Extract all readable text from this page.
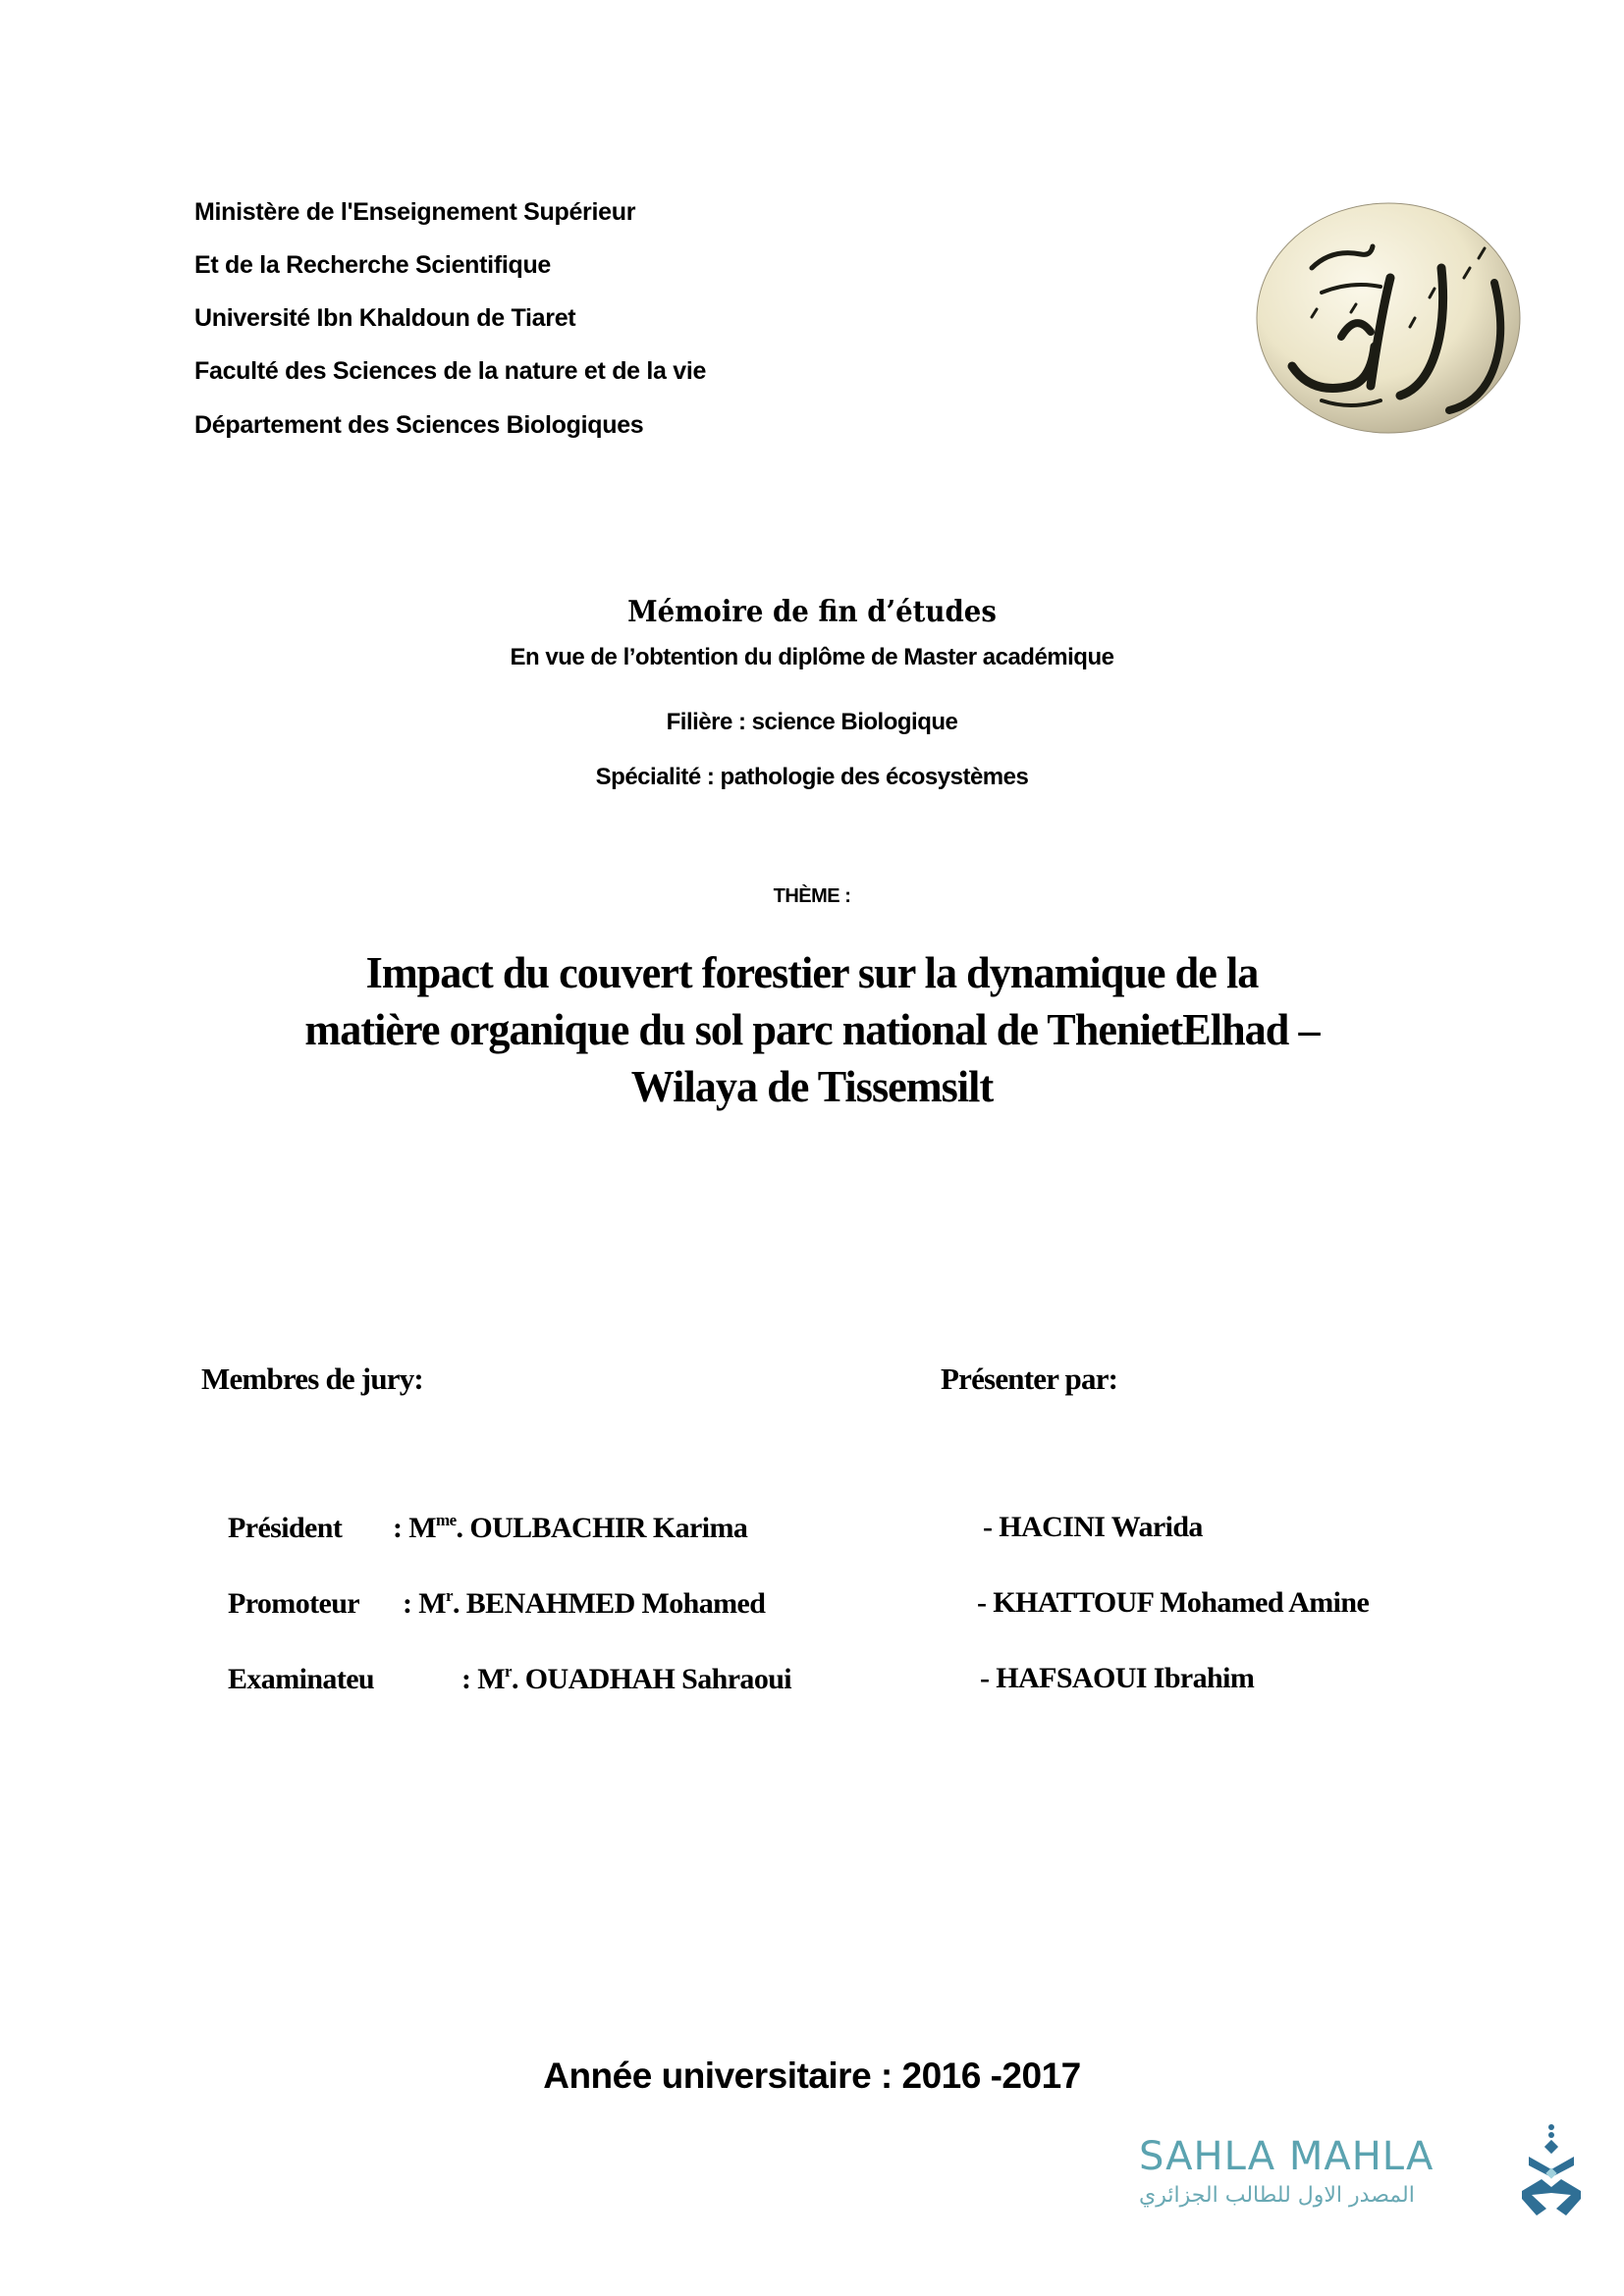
Ministère de l'Enseignement Supérieur
Et de la Recherche Scientifique
Université Ibn Khaldoun de Tiaret
Faculté des Sciences de la nature et de la vie
Département des Sciences Biologiques
Mémoire de fin d’études
En vue de l’obtention du diplôme de Master académique
Filière : science Biologique
Spécialité : pathologie des écosystèmes
THÈME :
Impact du couvert forestier sur la dynamique de la
matière organique du sol parc national de ThenietElhad –
Wilaya de Tissemsilt
Membres de jury:	Présenter par:
Président : $M^{me}$. OULBACHIR Karima
Promoteur : $M^r$. BENAHMED Mohamed
Examinateu	: $M^r$. OUADHAH Sahraoui
- HACINI Warida
- KHATTOUF Mohamed Amine
- HAFSAOUI Ibrahim
Année universitaire : 2016 -2017
SAHLA MAHLA
المصدر الاول للطالب الجزائري
